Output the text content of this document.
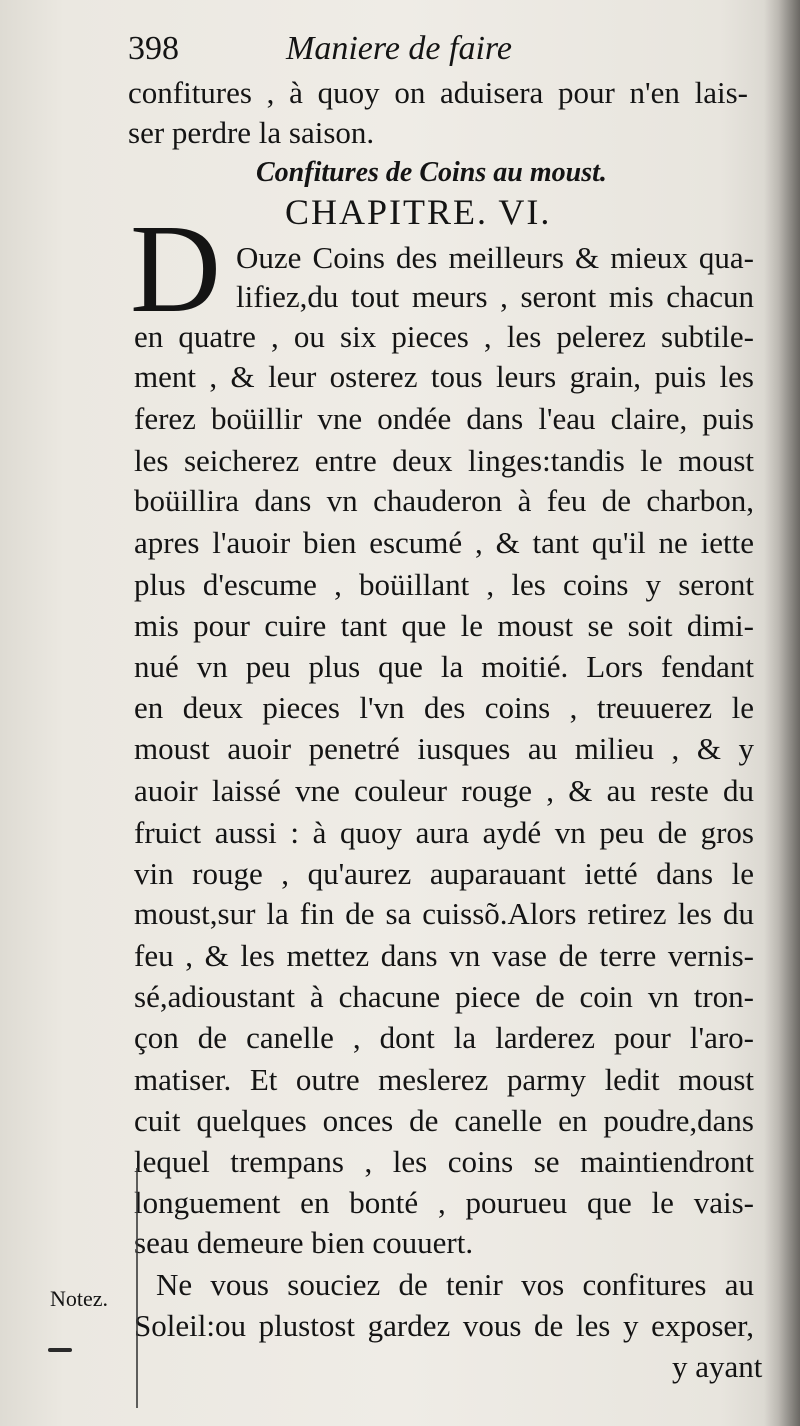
398	Maniere de faire
confitures , à quoy on aduisera pour n'en lais-
ser perdre la saison.
Confitures de Coins au moust.
CHAPITRE. VI.
D Ouze Coins des meilleurs & mieux qua-
lifiez,du tout meurs , seront mis chacun
en quatre , ou six pieces , les pelerez subtile-
ment , & leur osterez tous leurs grain, puis les
ferez boüillir vne ondée dans l'eau claire, puis
les seicherez entre deux linges:tandis le moust
boüillira dans vn chauderon à feu de charbon,
apres l'auoir bien escumé , & tant qu'il ne iette
plus d'escume , boüillant , les coins y seront
mis pour cuire tant que le moust se soit dimi-
nué vn peu plus que la moitié. Lors fendant
en deux pieces l'vn des coins , treuuerez le
moust auoir penetré iusques au milieu , & y
auoir laissé vne couleur rouge , & au reste du
fruict aussi : à quoy aura aydé vn peu de gros
vin rouge , qu'aurez auparauant ietté dans le
moust,sur la fin de sa cuissõ.Alors retirez les du
feu , & les mettez dans vn vase de terre vernis-
sé,adioustant à chacune piece de coin vn tron-
çon de canelle , dont la larderez pour l'aro-
matiser. Et outre meslerez parmy ledit moust
cuit quelques onces de canelle en poudre,dans
lequel trempans , les coins se maintiendront
longuement en bonté , pourueu que le vais-
seau demeure bien couuert.
Ne vous souciez de tenir vos confitures au
Soleil:ou plustost gardez vous de les y exposer,
y ayant
Notez.
